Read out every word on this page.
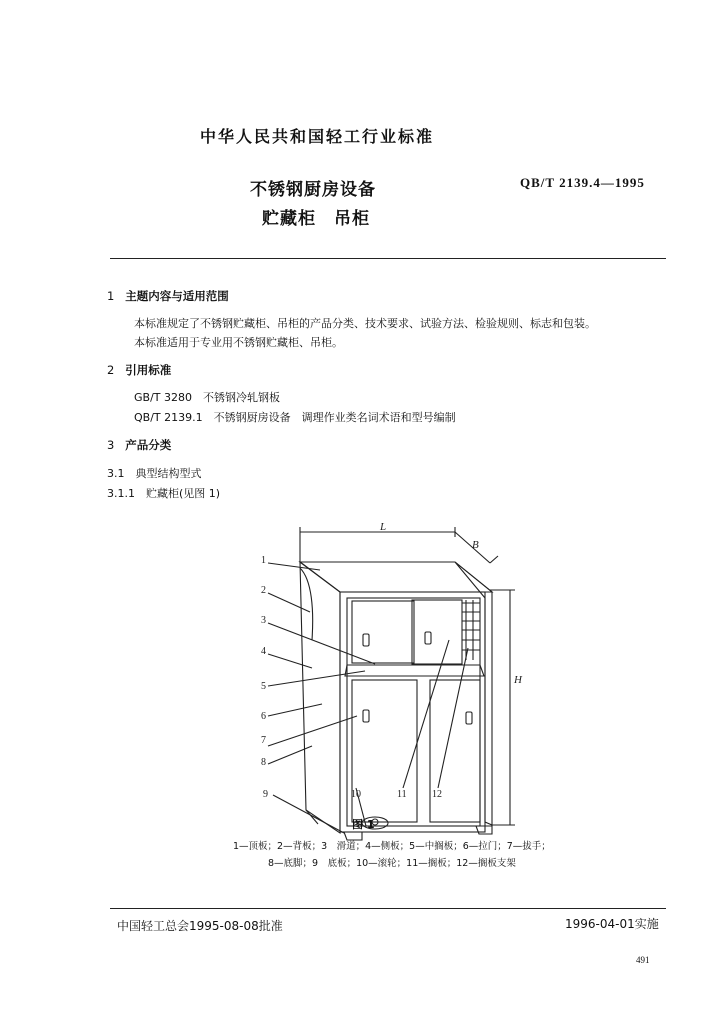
中华人民共和国轻工行业标准
不锈钢厨房设备
贮藏柜　吊柜
QB/T 2139.4—1995
1 主题内容与适用范围
本标准规定了不锈钢贮藏柜、吊柜的产品分类、技术要求、试验方法、检验规则、标志和包装。
本标准适用于专业用不锈钢贮藏柜、吊柜。
2 引用标准
GB/T 3280　不锈钢冷轧钢板
QB/T 2139.1　不锈钢厨房设备　调理作业类名词术语和型号编制
3 产品分类
3.1　典型结构型式
3.1.1　贮藏柜(见图 1)
L
B
H
1
2
3
4
5
6
7
8
9	10	11	12
图 1
1—顶板；2—背板；3　滑道；4—侧板；5—中搁板；6—拉门；7—拔手；
8—底脚；9　底板；10—滚轮；11—搁板；12—搁板支架
中国轻工总会1995-08-08批准	1996-04-01实施
491
